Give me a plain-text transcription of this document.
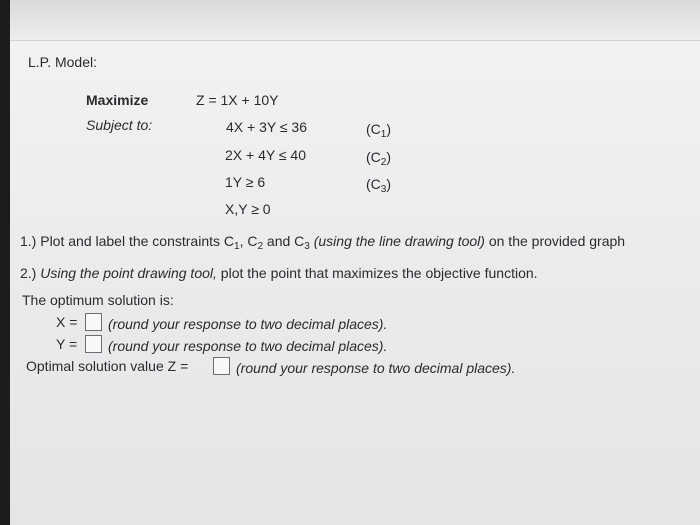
L.P. Model:
Maximize	Z = 1X + 10Y
Subject to:	4X + 3Y ≤ 36	$(C_1)$
2X + 4Y ≤ 40	$(C_2)$
1Y ≥ 6	$(C_3)$
X,Y ≥ 0
1.) Plot and label the constraints $C_1$, $C_2$ and $C_3$ (using the line drawing tool) on the provided graph
2.) Using the point drawing tool, plot the point that maximizes the objective function.
The optimum solution is:
X = (round your response to two decimal places).
Y = (round your response to two decimal places).
Optimal solution value Z =	(round your response to two decimal places).
